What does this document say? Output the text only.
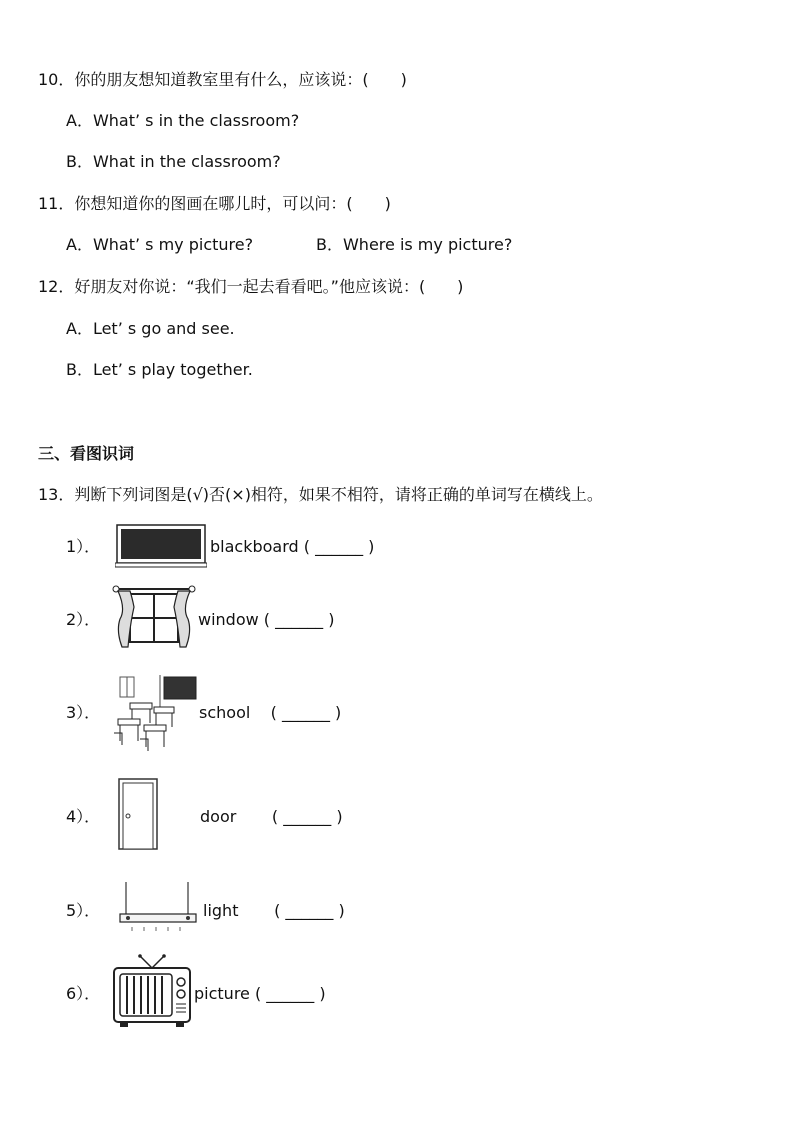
10．你的朋友想知道教室里有什么，应该说：(　　)
A．What’ s in the classroom?
B．What in the classroom?
11．你想知道你的图画在哪儿时，可以问：(　　)
A．What’ s my picture?	B．Where is my picture?
12．好朋友对你说：“我们一起去看看吧。”他应该说：(　　)
A．Let’ s go and see.
B．Let’ s play together.
三、看图识词
13．判断下列词图是(√)否(×)相符，如果不相符，请将正确的单词写在横线上。
1）．	blackboard ( ______ )
2）．	window ( ______ )
3）．	school    ( ______ )
4）．	door       ( ______ )
5）．	light       ( ______ )
6）．	picture ( ______ )
